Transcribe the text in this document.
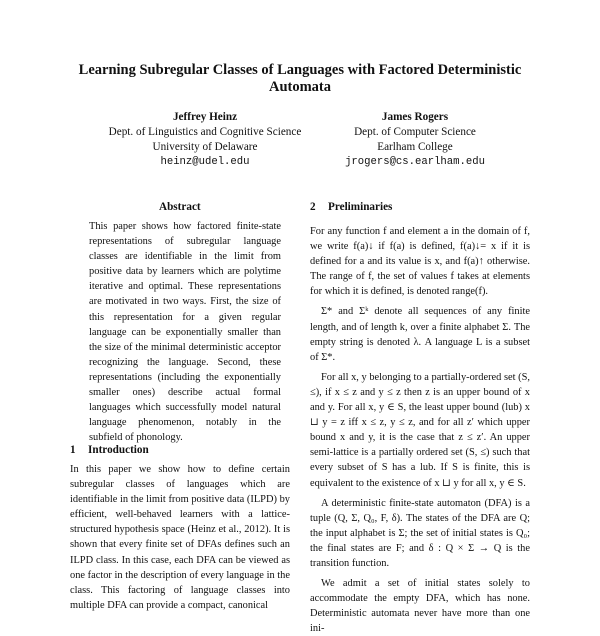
Learning Subregular Classes of Languages with Factored Deterministic Automata
Jeffrey Heinz
Dept. of Linguistics and Cognitive Science
University of Delaware
heinz@udel.edu
James Rogers
Dept. of Computer Science
Earlham College
jrogers@cs.earlham.edu
Abstract

This paper shows how factored finite-state representations of subregular language classes are identifiable in the limit from positive data by learners which are polytime iterative and optimal. These representations are motivated in two ways. First, the size of this representation for a given regular language can be exponentially smaller than the size of the minimal deterministic acceptor recognizing the language. Second, these representations (including the exponentially smaller ones) describe actual formal languages which successfully model natural language phenomenon, notably in the subfield of phonology.

1 Introduction

In this paper we show how to define certain subregular classes of languages which are identifiable in the limit from positive data (ILPD) by efficient, well-behaved learners with a lattice-structured hypothesis space (Heinz et al., 2012). It is shown that every finite set of DFAs defines such an ILPD class. In this case, each DFA can be viewed as one factor in the description of every language in the class. This factoring of language classes into multiple DFA can provide a compact, canonical

2 Preliminaries

For any function f and element a in the domain of f, we write f(a)↓ if f(a) is defined, f(a)↓= x if it is defined for a and its value is x, and f(a)↑ otherwise. The range of f, the set of values f takes at elements for which it is defined, is denoted range(f).

Σ* and Σᵏ denote all sequences of any finite length, and of length k, over a finite alphabet Σ. The empty string is denoted λ. A language L is a subset of Σ*.

For all x, y belonging to a partially-ordered set (S, ≤), if x ≤ z and y ≤ z then z is an upper bound of x and y. For all x, y ∈ S, the least upper bound (lub) x ⊔ y = z iff x ≤ z, y ≤ z, and for all z′ which upper bound x and y, it is the case that z ≤ z′. An upper semi-lattice is a partially ordered set (S, ≤) such that every subset of S has a lub. If S is finite, this is equivalent to the existence of x ⊔ y for all x, y ∈ S.

A deterministic finite-state automaton (DFA) is a tuple (Q, Σ, Q₀, F, δ). The states of the DFA are Q; the input alphabet is Σ; the set of initial states is Q₀; the final states are F; and δ : Q × Σ → Q is the transition function.

We admit a set of initial states solely to accommodate the empty DFA, which has none. Deterministic automata never have more than one ini-
